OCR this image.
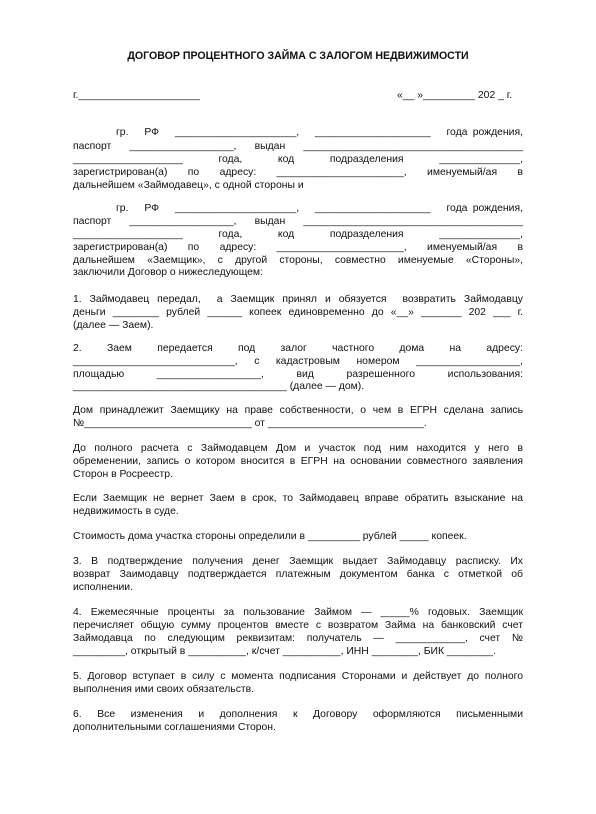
ДОГОВОР ПРОЦЕНТНОГО ЗАЙМА С ЗАЛОГОМ НЕДВИЖИМОСТИ
г._____________________	«__ »_________ 202 _ г.
гр.   РФ   _____________________,   ____________________   года рождения,
паспорт  __________________,  выдан  ______________________________________
___________________    года,    код    подразделения    ______________,
зарегистрирован(а)    по    адресу:    ______________________,    именуемый/ая    в
дальнейшем «Займодавец», с одной стороны и
гр.   РФ   _____________________,   ____________________   года рождения,
паспорт  __________________,  выдан  ______________________________________
___________________    года,    код    подразделения    ______________,
зарегистрирован(а)    по    адресу:    ______________________,    именуемый/ая    в
дальнейшем «Заемщик», с другой стороны, совместно именуемые «Стороны»,
заключили Договор о нижеследующем:
1. Займодавец передал,  а Заемщик принял и обязуется  возвратить Займодавцу
деньги  ________  рублей  ______  копеек  единовременно  до  «__»  _______  202  ___  г.
(далее — Заем).
2.     Заем     передается     под     залог     частного     дома     на     адресу:
____________________________,  с  кадастровым  номером  __________________,
площадью       __________________,       вид       разрешенного       использования:
_____________________________________ (далее — дом).
Дом принадлежит Заемщику на праве собственности, о чем в ЕГРН сделана запись
№_____________________________ от ___________________________.
До полного расчета с Займодавцем Дом и участок под ним находится у него в
обременении, запись о котором вносится в ЕГРН на основании совместного заявления
Сторон в Росреестр.
Если Заемщик не вернет Заем в срок, то Займодавец вправе обратить взыскание на
недвижимость в суде.
Стоимость дома участка стороны определили в _________ рублей _____ копеек.
3. В подтверждение получения денег Заемщик выдает Займодавцу расписку. Их
возврат Заимодавцу подтверждается платежным документом банка с отметкой об
исполнении.
4. Ежемесячные проценты за пользование Займом — _____% годовых. Заемщик
перечисляет общую сумму процентов вместе с возвратом Займа на банковский счет
Займодавца по следующим реквизитам: получатель — ____________, счет №
_________, открытый в __________, к/счет __________, ИНН ________, БИК ________.
5. Договор вступает в силу с момента подписания Сторонами и действует до полного
выполнения ими своих обязательств.
6.  Все  изменения  и  дополнения  к  Договору  оформляются  письменными
дополнительными соглашениями Сторон.
